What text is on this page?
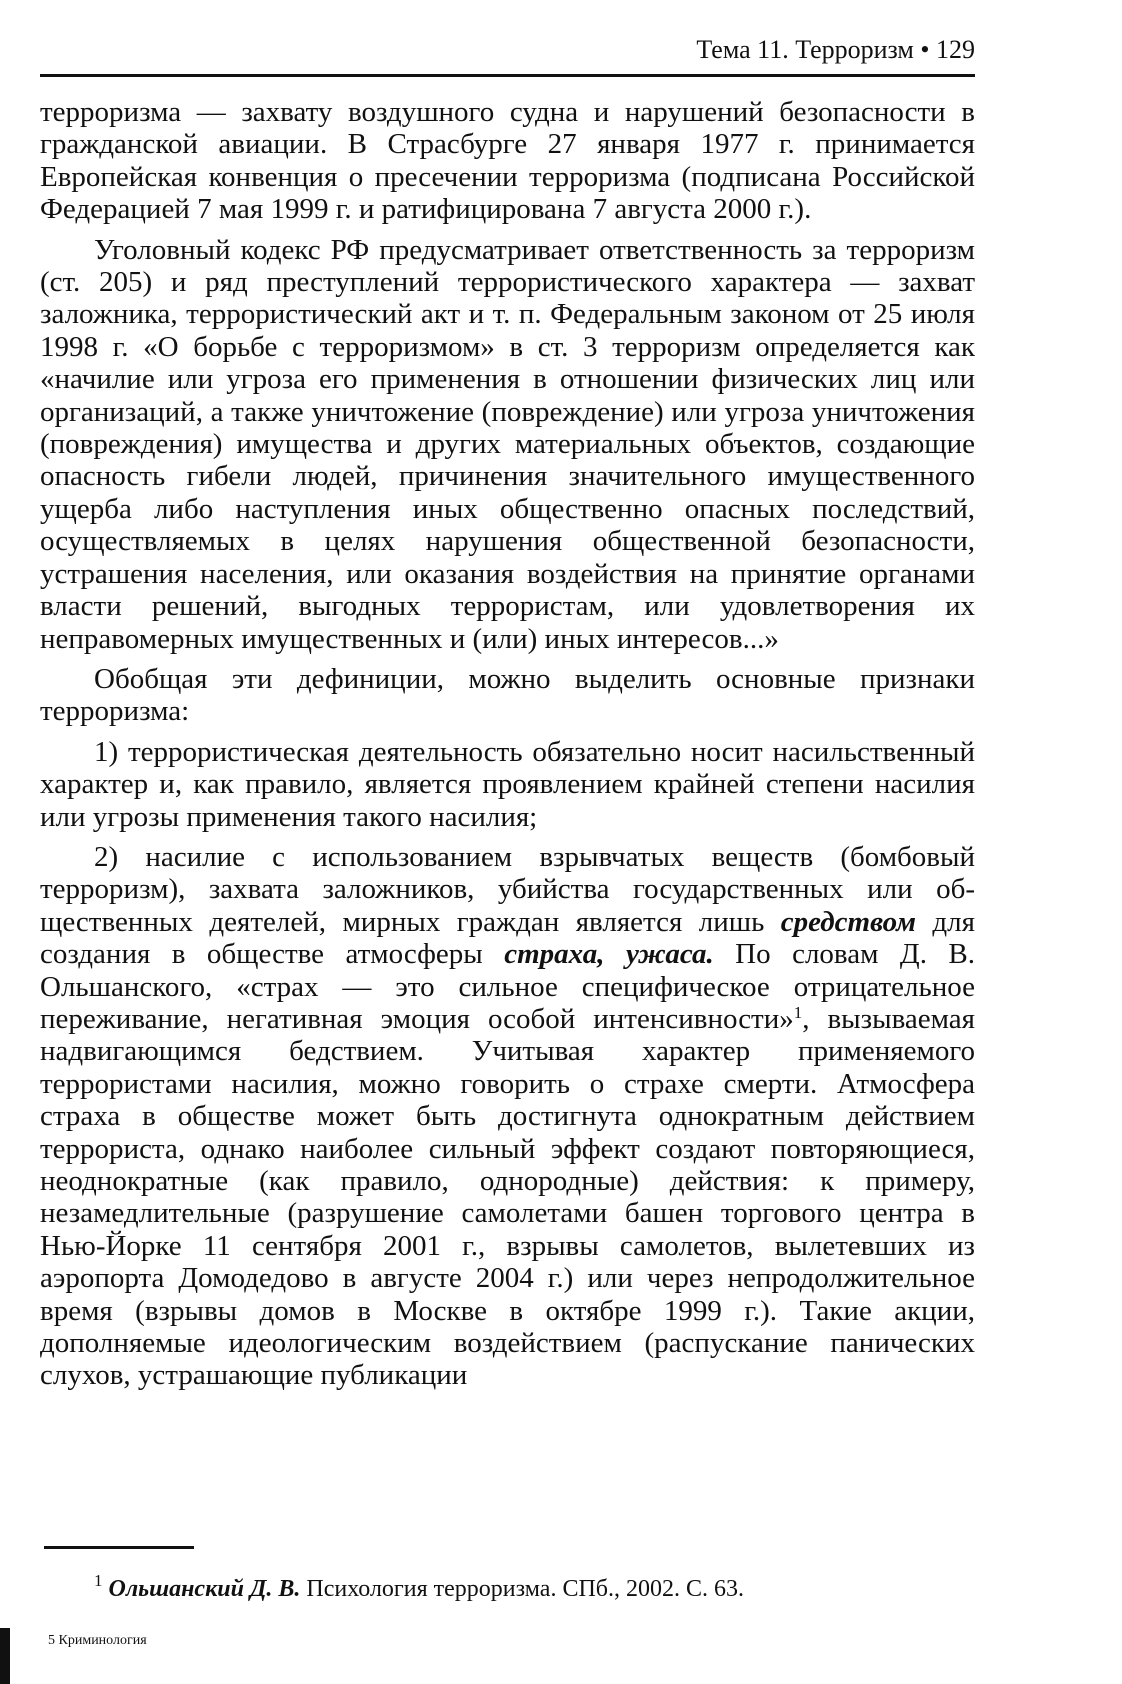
Тема 11. Терроризм • 129

терроризма — захвату воздушного судна и нарушений безопасности в гражданской авиации. В Страсбурге 27 января 1977 г. принимается Европейская конвенция о пресечении терроризма (подписана Российской Федерацией 7 мая 1999 г. и ратифицирована 7 августа 2000 г.).

Уголовный кодекс РФ предусматривает ответственность за терроризм (ст. 205) и ряд преступлений террористического характера — захват заложника, террористический акт и т. п. Федеральным законом от 25 июля 1998 г. «О борьбе с терроризмом» в ст. 3 терроризм определяется как «начилие или угроза его применения в отношении физических лиц или организаций, а также уничтожение (повреждение) или угроза уничтожения (повреждения) имущества и других материальных объектов, создающие опасность гибели людей, причинения значительного имущественного ущерба либо наступления иных общественно опасных последствий, осуществляемых в целях нарушения общественной безопасности, устрашения населения, или оказания воздействия на принятие органами власти решений, выгодных террористам, или удовлетворения их неправомерных имущественных и (или) иных интересов...»

Обобщая эти дефиниции, можно выделить основные признаки терроризма:

1) террористическая деятельность обязательно носит насильственный характер и, как правило, является проявлением крайней степени насилия или угрозы применения такого насилия;

2) насилие с использованием взрывчатых веществ (бомбовый терроризм), захвата заложников, убийства государственных или общественных деятелей, мирных граждан является лишь средством для создания в обществе атмосферы страха, ужаса. По словам Д. В. Ольшанского, «страх — это сильное специфическое отрицательное переживание, негативная эмоция особой интенсивности»$^1$, вызываемая надвигающимся бедствием. Учитывая характер применяемого террористами насилия, можно говорить о страхе смерти. Атмосфера страха в обществе может быть достигнута однократным действием террориста, однако наиболее сильный эффект создают повторяющиеся, неоднократные (как правило, однородные) действия: к примеру, незамедлительные (разрушение самолетами башен торгового центра в Нью-Йорке 11 сентября 2001 г., взрывы самолетов, вылетевших из аэропорта Домодедово в августе 2004 г.) или через непродолжительное время (взрывы домов в Москве в октябре 1999 г.). Такие акции, дополняемые идеологическим воздействием (распускание панических слухов, устрашающие публикации

$^1$ Ольшанский Д. В. Психология терроризма. СПб., 2002. С. 63.
5 Криминология
